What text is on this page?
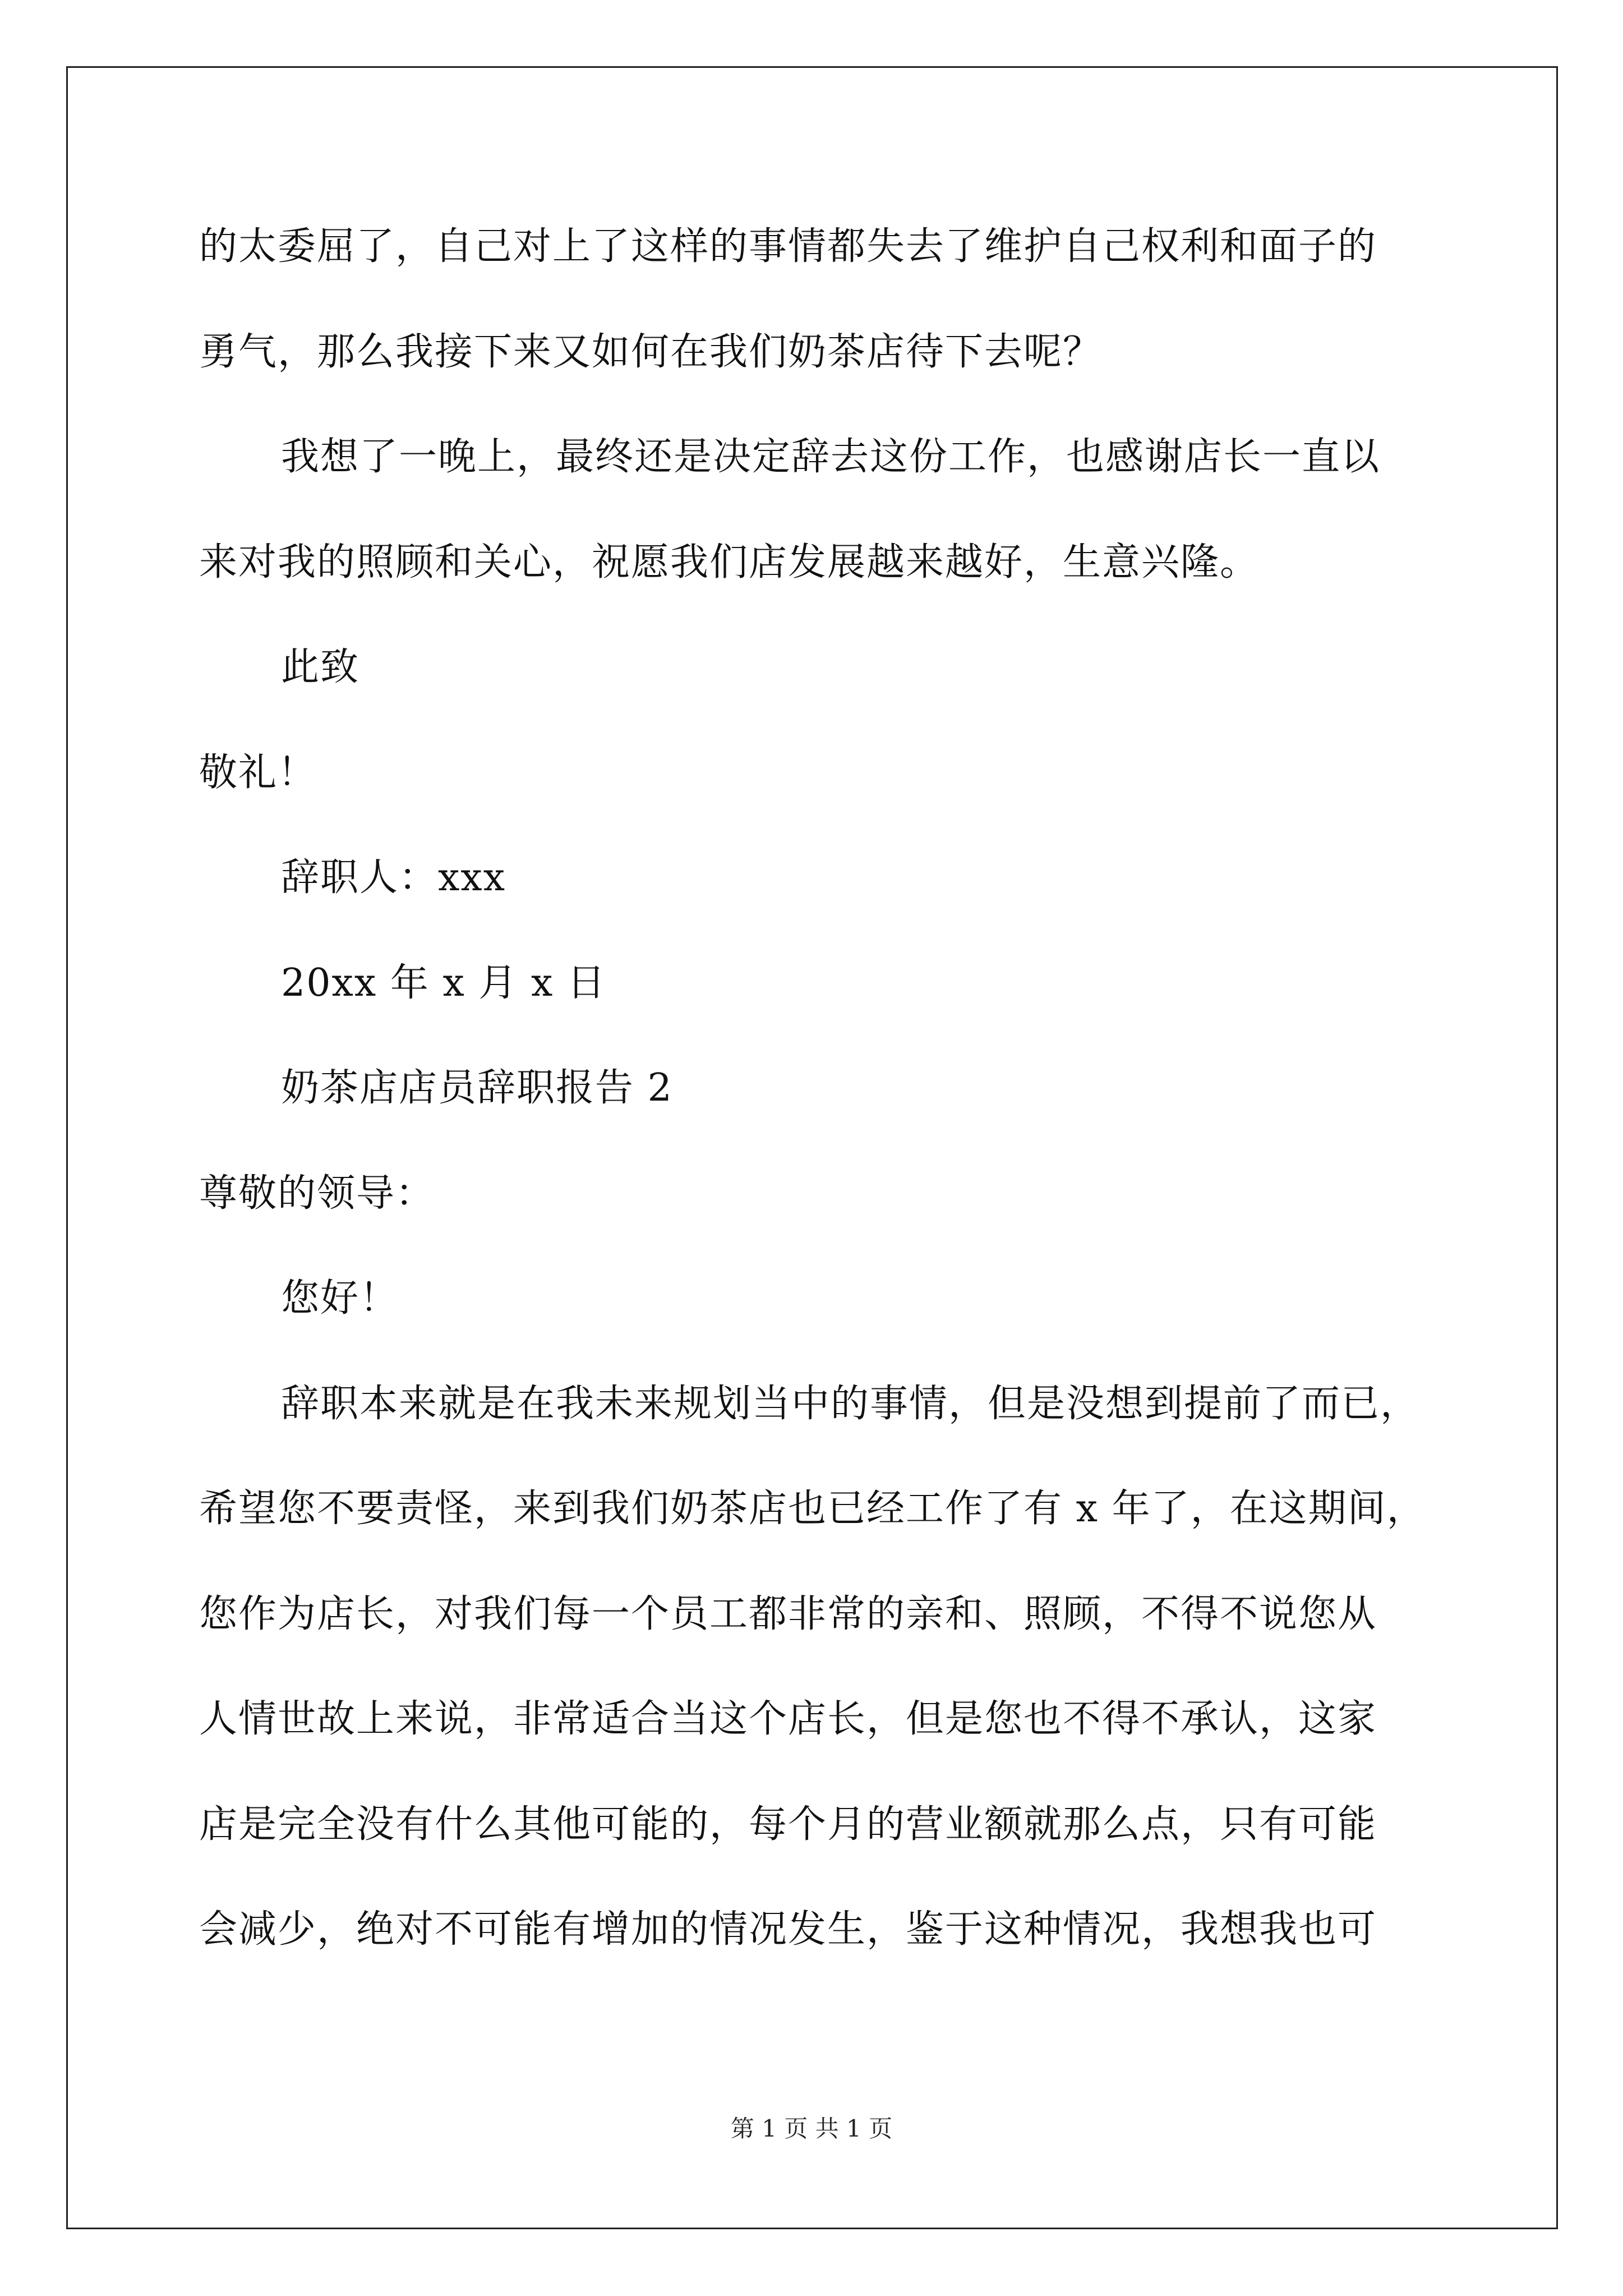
的太委屈了，自己对上了这样的事情都失去了维护自己权利和面子的
勇气，那么我接下来又如何在我们奶茶店待下去呢？
我想了一晚上，最终还是决定辞去这份工作，也感谢店长一直以
来对我的照顾和关心，祝愿我们店发展越来越好，生意兴隆。
此致
敬礼！
辞职人：xxx
20xx 年 x 月 x 日
奶茶店店员辞职报告 2
尊敬的领导：
您好！
辞职本来就是在我未来规划当中的事情，但是没想到提前了而已，
希望您不要责怪，来到我们奶茶店也已经工作了有 x 年了，在这期间，
您作为店长，对我们每一个员工都非常的亲和、照顾，不得不说您从
人情世故上来说，非常适合当这个店长，但是您也不得不承认，这家
店是完全没有什么其他可能的，每个月的营业额就那么点，只有可能
会减少，绝对不可能有增加的情况发生，鉴于这种情况，我想我也可
第 1 页 共 1 页
